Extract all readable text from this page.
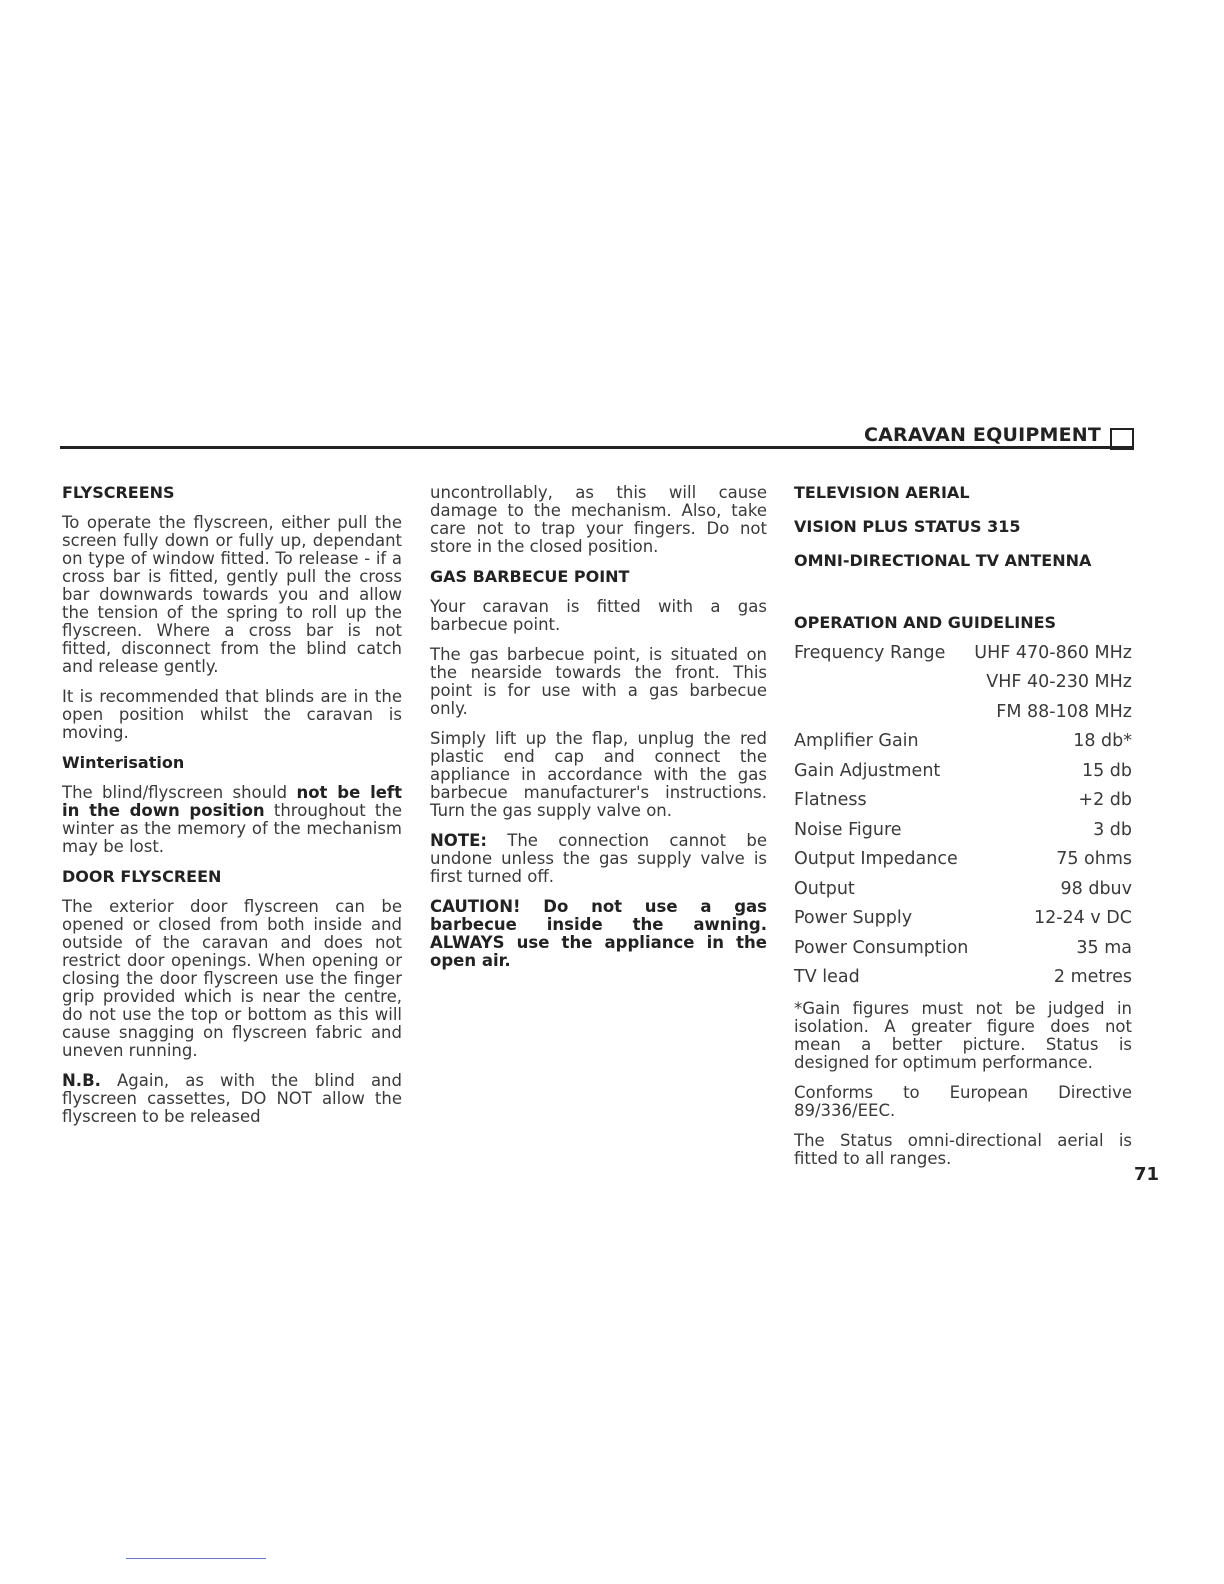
CARAVAN EQUIPMENT
FLYSCREENS

To operate the flyscreen, either pull the screen fully down or fully up, dependant on type of window fitted. To release - if a cross bar is fitted, gently pull the cross bar downwards towards you and allow the tension of the spring to roll up the flyscreen. Where a cross bar is not fitted, disconnect from the blind catch and release gently.

It is recommended that blinds are in the open position whilst the caravan is moving.

Winterisation

The blind/flyscreen should not be left in the down position throughout the winter as the memory of the mechanism may be lost.

DOOR FLYSCREEN

The exterior door flyscreen can be opened or closed from both inside and outside of the caravan and does not restrict door openings. When opening or closing the door flyscreen use the finger grip provided which is near the centre, do not use the top or bottom as this will cause snagging on flyscreen fabric and uneven running.

N.B. Again, as with the blind and flyscreen cassettes, DO NOT allow the flyscreen to be released

uncontrollably, as this will cause damage to the mechanism. Also, take care not to trap your fingers. Do not store in the closed position.

GAS BARBECUE POINT

Your caravan is fitted with a gas barbecue point.

The gas barbecue point, is situated on the nearside towards the front. This point is for use with a gas barbecue only.

Simply lift up the flap, unplug the red plastic end cap and connect the appliance in accordance with the gas barbecue manufacturer's instructions. Turn the gas supply valve on.

NOTE: The connection cannot be undone unless the gas supply valve is first turned off.

CAUTION! Do not use a gas barbecue inside the awning. ALWAYS use the appliance in the open air.

TELEVISION AERIAL
VISION PLUS STATUS 315
OMNI-DIRECTIONAL TV ANTENNA
OPERATION AND GUIDELINES
Frequency Range UHF 470-860 MHz
VHF 40-230 MHz
FM 88-108 MHz
Amplifier Gain	18 db*
Gain Adjustment	15 db
Flatness	+2 db
Noise Figure	3 db
Output Impedance	75 ohms
Output	98 dbuv
Power Supply	12-24 v DC
Power Consumption	35 ma
TV lead	2 metres

*Gain figures must not be judged in isolation. A greater figure does not mean a better picture. Status is designed for optimum performance.

Conforms to European Directive 89/336/EEC.

The Status omni-directional aerial is fitted to all ranges.

71
